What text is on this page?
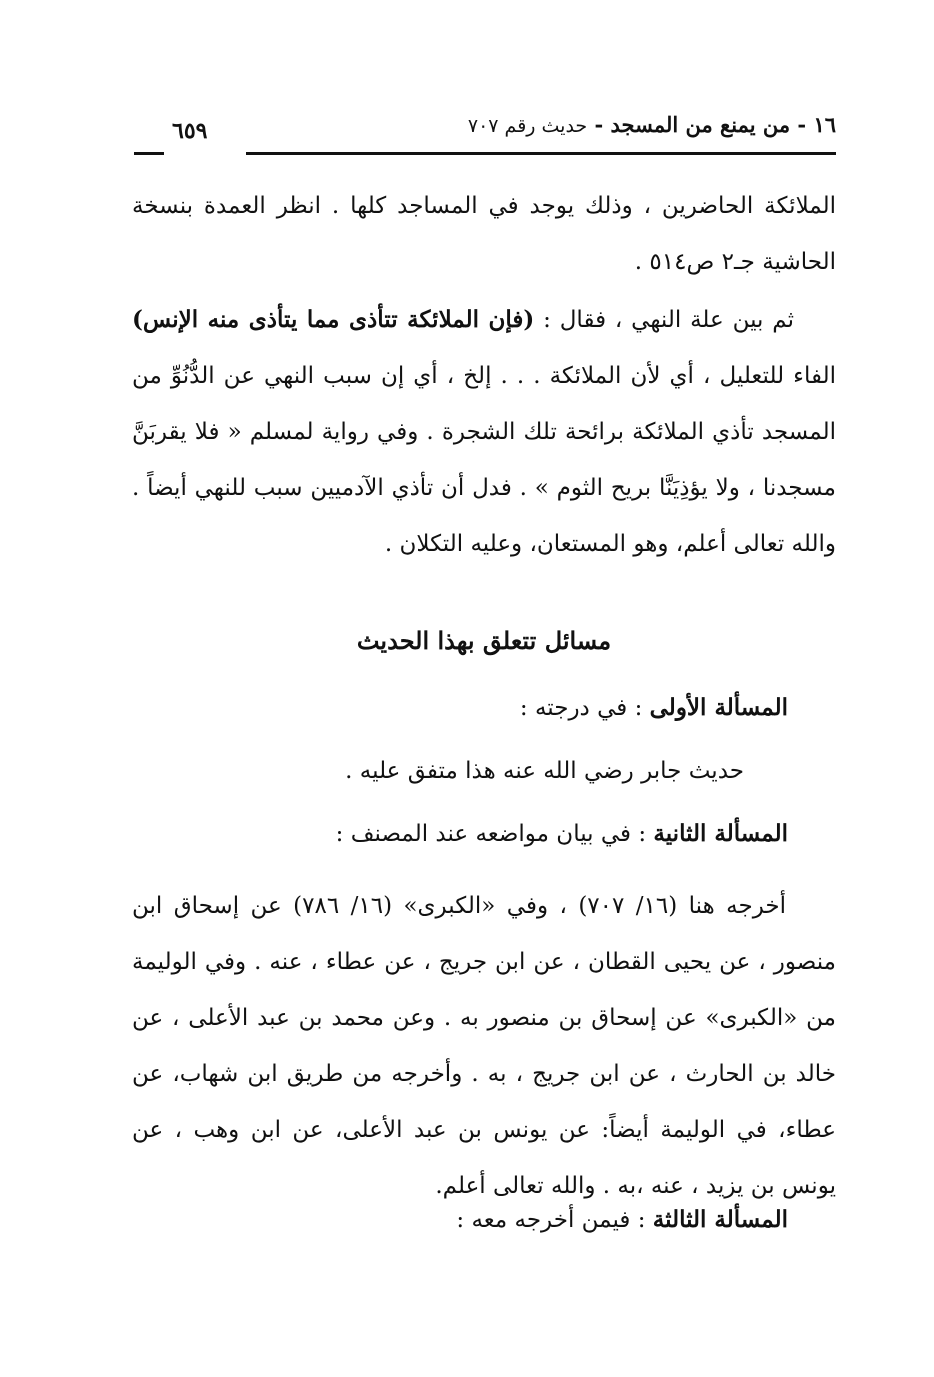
١٦ - من يمنع من المسجد - حديث رقم ٧٠٧
٦٥٩
الملائكة الحاضرين ، وذلك يوجد في المساجد كلها . انظر العمدة بنسخة الحاشية جـ٢ ص٥١٤ .
ثم بين علة النهي ، فقال : (فإن الملائكة تتأذى مما يتأذى منه الإنس) الفاء للتعليل ، أي لأن الملائكة . . . إلخ ، أي إن سبب النهي عن الدُّنُوِّ من المسجد تأذي الملائكة برائحة تلك الشجرة . وفي رواية لمسلم « فلا يقربَنَّ مسجدنا ، ولا يؤذِيَنَّا بريح الثوم » . فدل أن تأذي الآدميين سبب للنهي أيضاً . والله تعالى أعلم، وهو المستعان، وعليه التكلان .
مسائل تتعلق بهذا الحديث
المسألة الأولى : في درجته :
حديث جابر رضي الله عنه هذا متفق عليه .
المسألة الثانية : في بيان مواضعه عند المصنف :
أخرجه هنا (١٦/ ٧٠٧) ، وفي «الكبرى» (١٦/ ٧٨٦) عن إسحاق ابن منصور ، عن يحيى القطان ، عن ابن جريج ، عن عطاء ، عنه . وفي الوليمة من «الكبرى» عن إسحاق بن منصور به . وعن محمد بن عبد الأعلى ، عن خالد بن الحارث ، عن ابن جريج ، به . وأخرجه من طريق ابن شهاب، عن عطاء، في الوليمة أيضاً: عن يونس بن عبد الأعلى، عن ابن وهب ، عن يونس بن يزيد ، عنه ،به . والله تعالى أعلم.
المسألة الثالثة : فيمن أخرجه معه :
